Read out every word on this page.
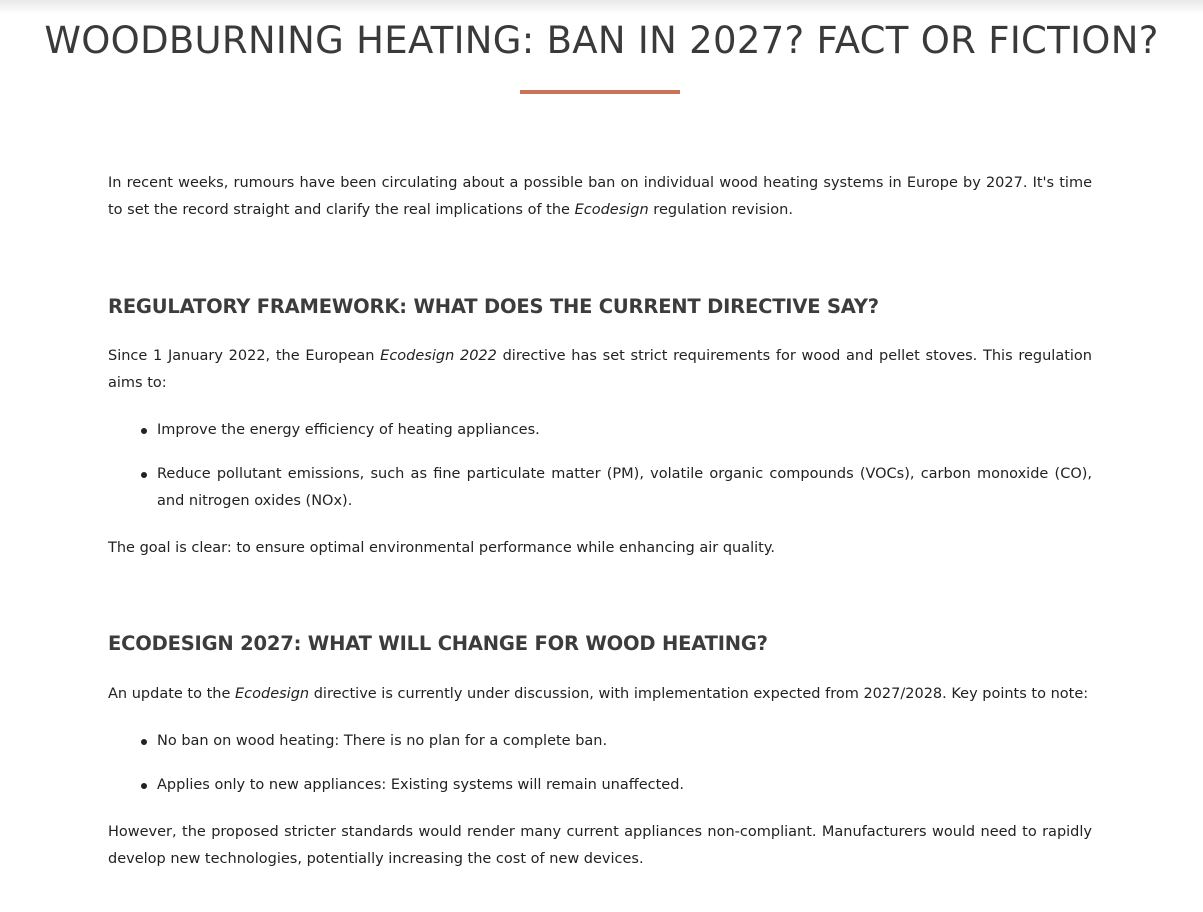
WOODBURNING HEATING: BAN IN 2027? FACT OR FICTION?

In recent weeks, rumours have been circulating about a possible ban on individual wood heating systems in Europe by 2027. It's time to set the record straight and clarify the real implications of the Ecodesign regulation revision.

REGULATORY FRAMEWORK: WHAT DOES THE CURRENT DIRECTIVE SAY?

Since 1 January 2022, the European Ecodesign 2022 directive has set strict requirements for wood and pellet stoves. This regulation aims to:

Improve the energy efficiency of heating appliances.
Reduce pollutant emissions, such as fine particulate matter (PM), volatile organic compounds (VOCs), carbon monoxide (CO), and nitrogen oxides (NOx).

The goal is clear: to ensure optimal environmental performance while enhancing air quality.

ECODESIGN 2027: WHAT WILL CHANGE FOR WOOD HEATING?

An update to the Ecodesign directive is currently under discussion, with implementation expected from 2027/2028. Key points to note:

No ban on wood heating: There is no plan for a complete ban.
Applies only to new appliances: Existing systems will remain unaffected.

However, the proposed stricter standards would render many current appliances non-compliant. Manufacturers would need to rapidly develop new technologies, potentially increasing the cost of new devices.
